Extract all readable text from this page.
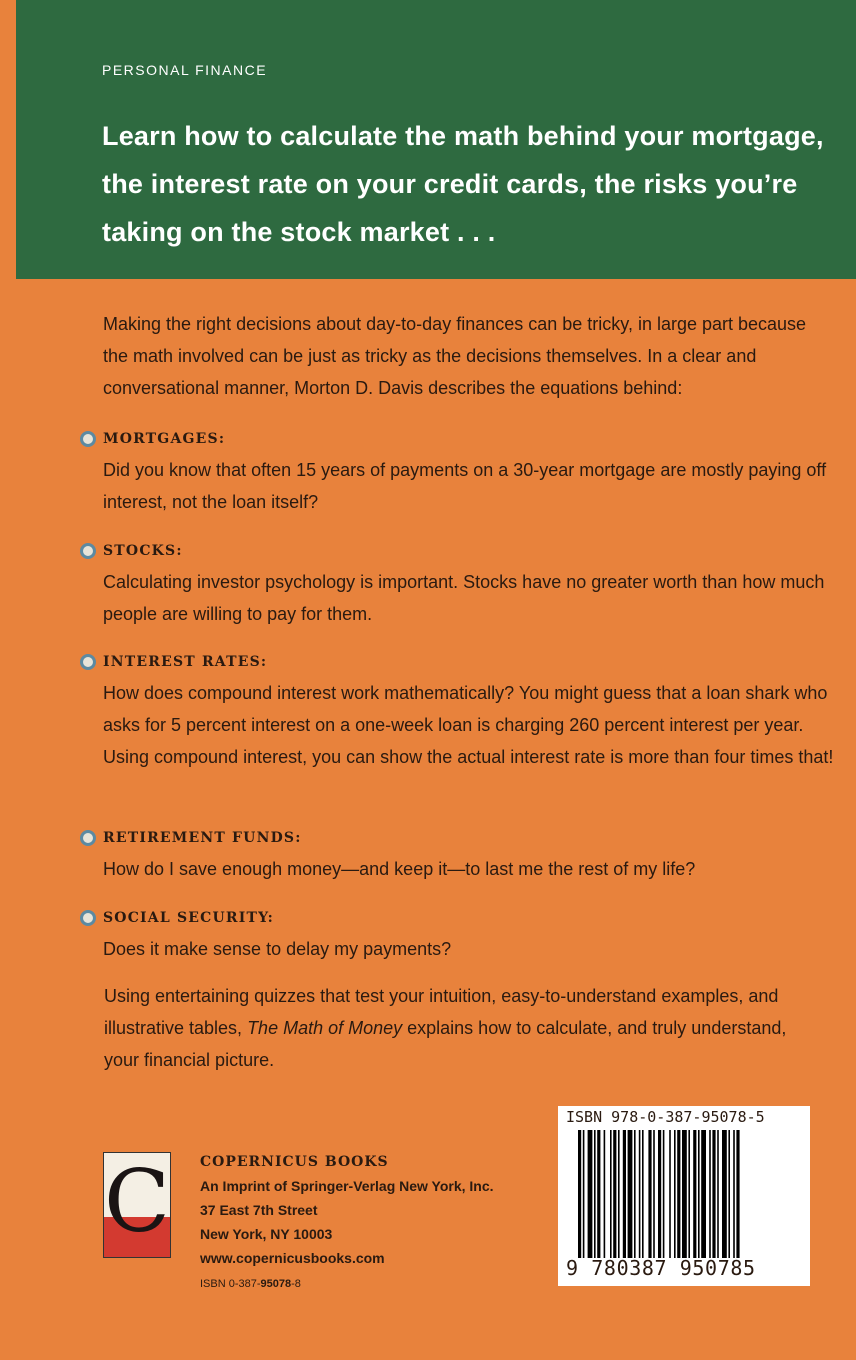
PERSONAL FINANCE
Learn how to calculate the math behind your mortgage, the interest rate on your credit cards, the risks you’re taking on the stock market . . .
Making the right decisions about day-to-day finances can be tricky, in large part because the math involved can be just as tricky as the decisions themselves. In a clear and conversational manner, Morton D. Davis describes the equations behind:
MORTGAGES:
Did you know that often 15 years of payments on a 30-year mortgage are mostly paying off interest, not the loan itself?
STOCKS:
Calculating investor psychology is important. Stocks have no greater worth than how much people are willing to pay for them.
INTEREST RATES:
How does compound interest work mathematically? You might guess that a loan shark who asks for 5 percent interest on a one-week loan is charging 260 percent interest per year. Using compound interest, you can show the actual interest rate is more than four times that!
RETIREMENT FUNDS:
How do I save enough money—and keep it—to last me the rest of my life?
SOCIAL SECURITY:
Does it make sense to delay my payments?
Using entertaining quizzes that test your intuition, easy-to-understand examples, and illustrative tables, The Math of Money explains how to calculate, and truly understand, your financial picture.
C COPERNICUS BOOKS
An Imprint of Springer-Verlag New York, Inc.
37 East 7th Street
New York, NY 10003
www.copernicusbooks.com
ISBN 0-387-95078-8
ISBN 978-0-387-95078-5
9 780387 950785
